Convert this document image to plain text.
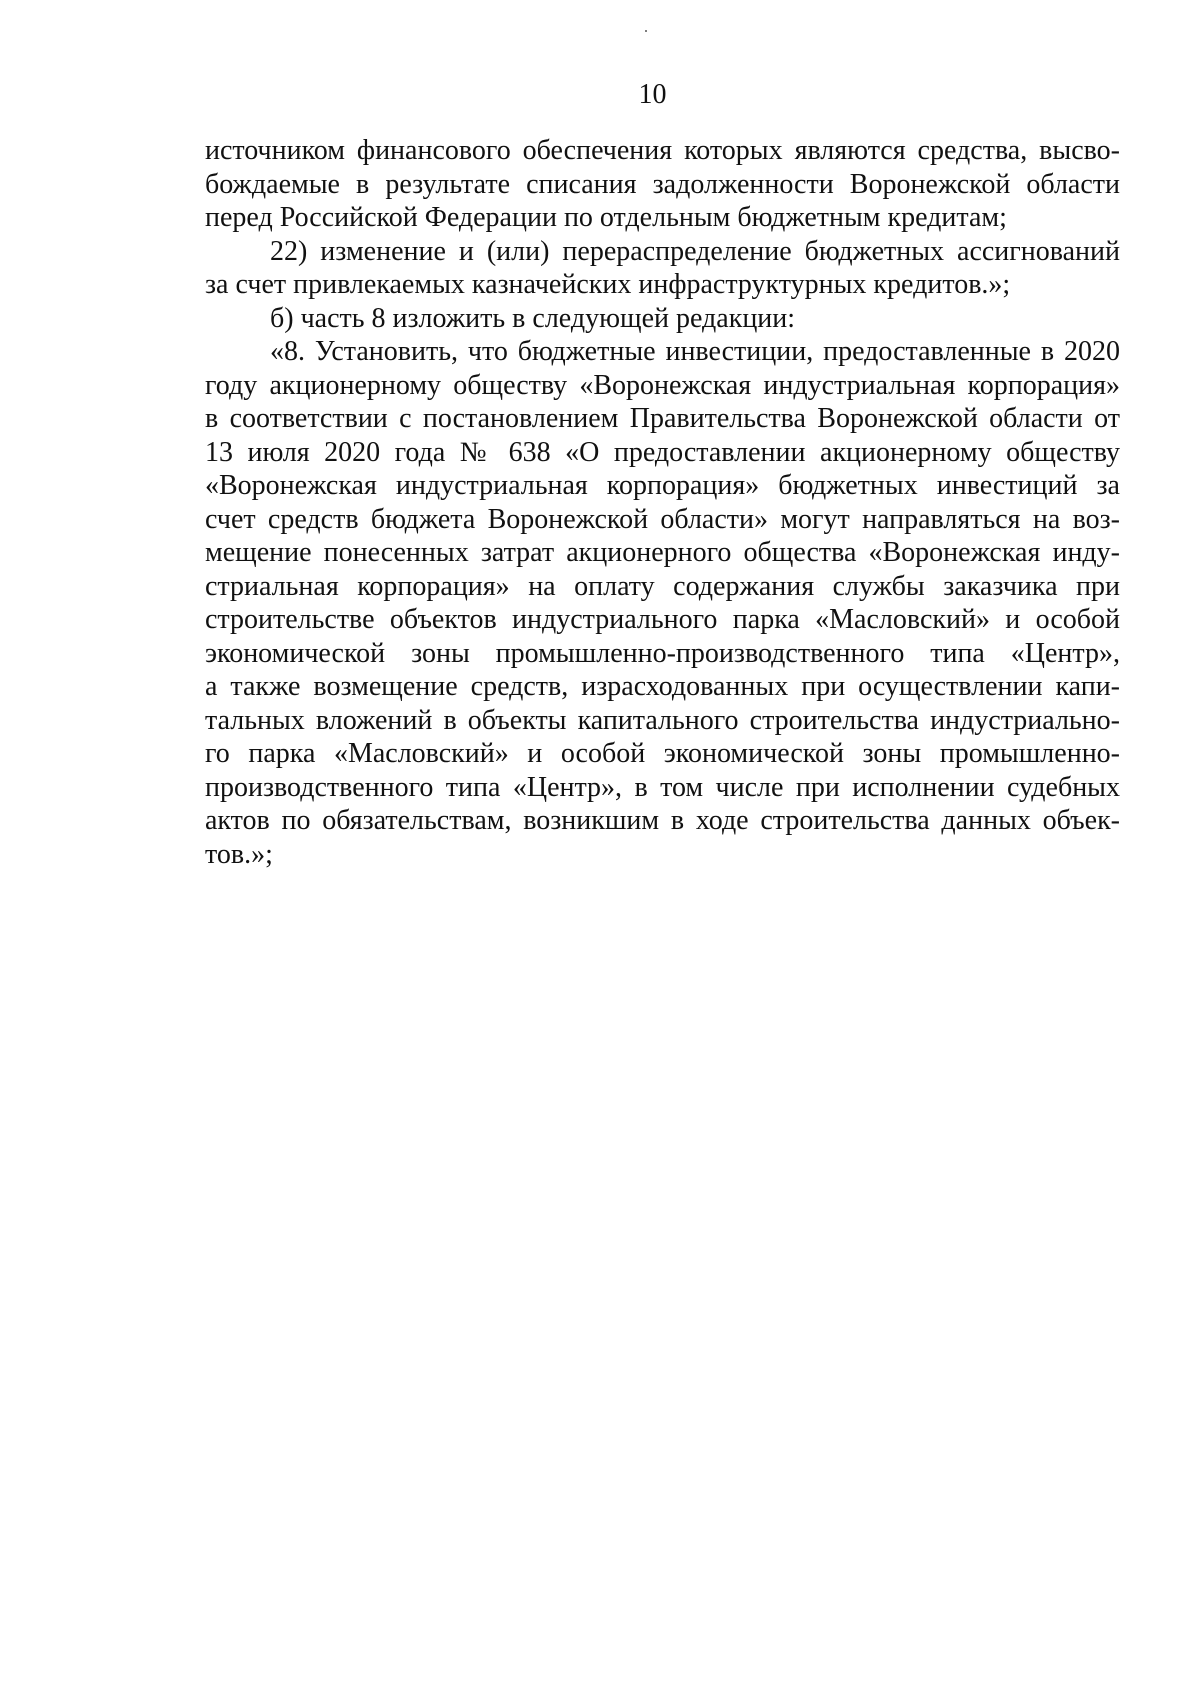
10
источником финансового обеспечения которых являются средства, высво-
бождаемые в результате списания задолженности Воронежской области
перед Российской Федерации по отдельным бюджетным кредитам;
22) изменение и (или) перераспределение бюджетных ассигнований
за счет привлекаемых казначейских инфраструктурных кредитов.»;
б) часть 8 изложить в следующей редакции:
«8. Установить, что бюджетные инвестиции, предоставленные в 2020
году акционерному обществу «Воронежская индустриальная корпорация»
в соответствии с постановлением Правительства Воронежской области от
13 июля 2020 года № 638 «О предоставлении акционерному обществу
«Воронежская индустриальная корпорация» бюджетных инвестиций за
счет средств бюджета Воронежской области» могут направляться на воз-
мещение понесенных затрат акционерного общества «Воронежская инду-
стриальная корпорация» на оплату содержания службы заказчика при
строительстве объектов индустриального парка «Масловский» и особой
экономической зоны промышленно-производственного типа «Центр»,
а также возмещение средств, израсходованных при осуществлении капи-
тальных вложений в объекты капитального строительства индустриально-
го парка «Масловский» и особой экономической зоны промышленно-
производственного типа «Центр», в том числе при исполнении судебных
актов по обязательствам, возникшим в ходе строительства данных объек-
тов.»;
